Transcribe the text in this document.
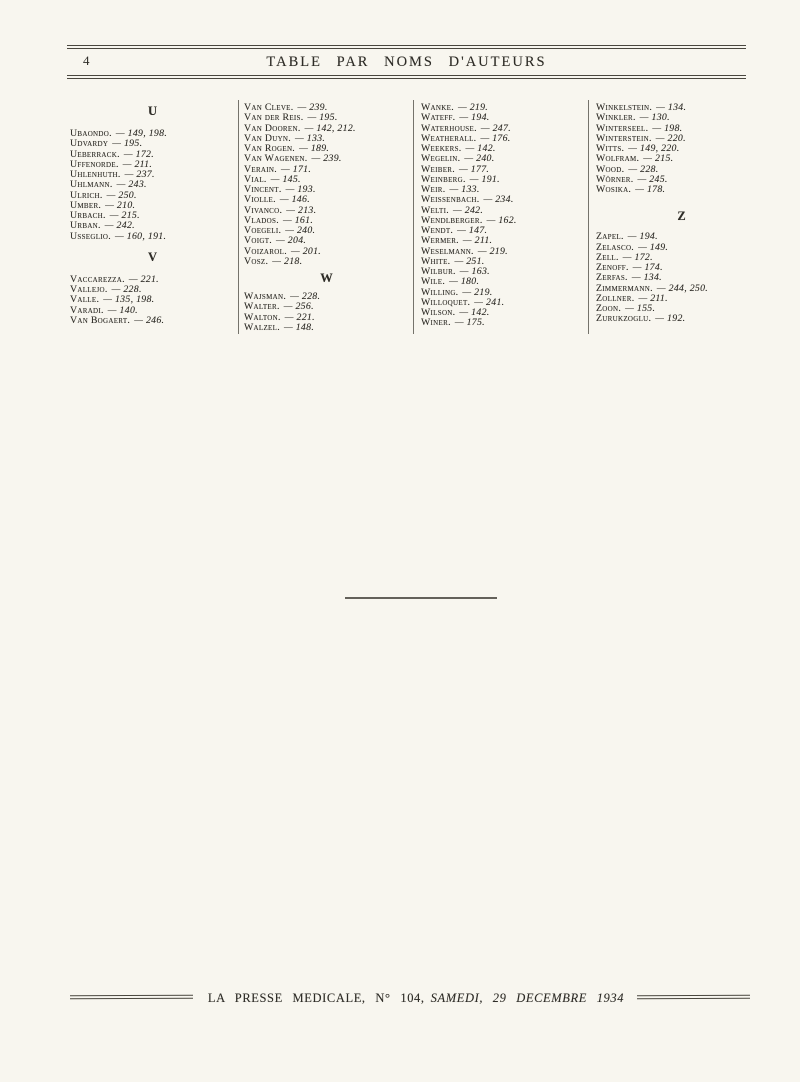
4	TABLE PAR NOMS D'AUTEURS
U
Ubaondo. — 149, 198.
Udvardy — 195.
Ueberrack. — 172.
Uffenorde. — 211.
Uhlenhuth. — 237.
Uhlmann. — 243.
Ulrich. — 250.
Umber. — 210.
Urbach. — 215.
Urban. — 242.
Usseglio. — 160, 191.
V
Vaccarezza. — 221.
Vallejo. — 228.
Valle. — 135, 198.
Varadi. — 140.
Van Bogaert. — 246.
Van Cleve. — 239.
Van der Reis. — 195.
Van Dooren. — 142, 212.
Van Duyn. — 133.
Van Rogen. — 189.
Van Wagenen. — 239.
Verain. — 171.
Vial. — 145.
Vincent. — 193.
Violle. — 146.
Vivanco. — 213.
Vlados. — 161.
Voegeli. — 240.
Voigt. — 204.
Voizarol. — 201.
Vosz. — 218.
W
Wajsman. — 228.
Walter. — 256.
Walton. — 221.
Walzel. — 148.
Wanke. — 219.
Wateff. — 194.
Waterhouse. — 247.
Weatherall. — 176.
Weekers. — 142.
Wegelin. — 240.
Weiber. — 177.
Weinberg. — 191.
Weir. — 133.
Weissenbach. — 234.
Welti. — 242.
Wendlberger. — 162.
Wendt. — 147.
Wermer. — 211.
Weselmann. — 219.
White. — 251.
Wilbur. — 163.
Wile. — 180.
Willing. — 219.
Willoquet. — 241.
Wilson. — 142.
Winer. — 175.
Winkelstein. — 134.
Winkler. — 130.
Winterseel. — 198.
Winterstein. — 220.
Witts. — 149, 220.
Wolfram. — 215.
Wood. — 228.
Wörner. — 245.
Wosika. — 178.
Z
Zapel. — 194.
Zelasco. — 149.
Zell. — 172.
Zenoff. — 174.
Zerfas. — 134.
Zimmermann. — 244, 250.
Zollner. — 211.
Zoon. — 155.
Zurukzoglu. — 192.
LA PRESSE MEDICALE, N° 104, SAMEDI, 29 DECEMBRE 1934
